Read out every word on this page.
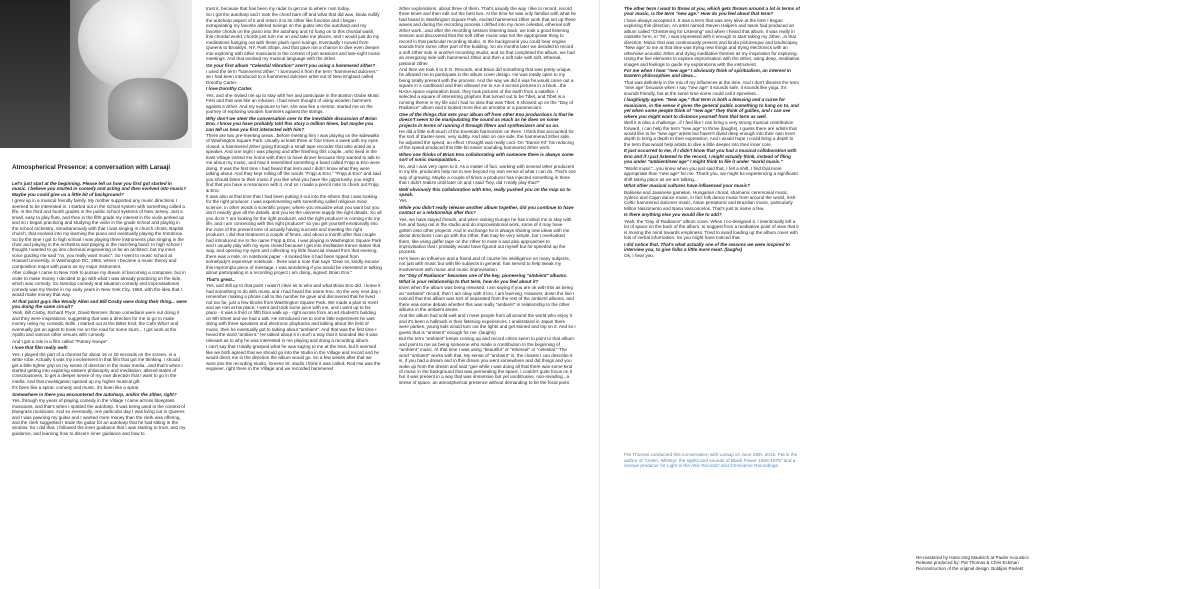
Atmospherical Presence: a conversation with Laraaji

Let's just start at the beginning. Please tell us how you first got started in music. I believe you started in comedy and acting and then evolved into music? Maybe you could give us a little bit of background?

I grew up in a musical friendly family. My mother supported any music directions I seemed to be interested in. I started out in the school system with something called a fife, in the third and fourth grades in the public school systems of New Jersey. Just a small, easy to play flute, and then in the fifth grade my interest in the violin perked up and so I began practicing and studying the violin in the grade school and playing in the school orchestra. Simultaneously with that I was singing in church choirs, Baptist church, that evolved into my learning the piano and eventually playing the trombone. So by the time I got to high school I was playing three instruments plus singing in the choir and playing in the orchestra and playing in the marching band. In high school I thought I wanted to go into chemical engineering or be an architect, but my inner voice guiding me said "no, you really want music". So I went to music school at Howard University, in Washington DC, 1962, where I became a music theory and composition major with piano as my major instrument.

After college I came to New York to pursue my dream of becoming a composer, but in order to make money I decided to go with what I was already practicing on the side, which was comedy. So standup comedy and situation comedy and improvisational comedy was my theme in my early years in New York City, 1966, with the idea that I would make money that way.

At that point guys like Woody Allen and Bill Cosby were doing their thing... were you doing the same circuit?

Yeah, Bill Cosby, Richard Pryor, David Brenner, those comedians were out doing it and they were inspirations, suggesting that was a direction for me to go to make money using my comedic skills. I started out at the Bitter End, the Cafe Wha? and eventually got an agent to book me on the road for some tours... I got work at the Apollo and various other venues with comedy.

And I got a role in a film called "Putney Swope".

I love that film really well!

Yes, I played the part of a chemist for about 15 or 20 seconds on the screen, in a white robe. Actually it was my involvement in that film that got me thinking, I should get a little tighter grip on my sense of direction in the mass media...and that's when I started getting into exploring eastern philosophy and meditation, altered states of consciousness, to get a deeper sense of my own direction that I want to go in the media. And that investigation opened up my higher musical gift.

It's been like a spiral, comedy and music, it's been like a spiral.

Somewhere in there you encountered the autoharp, and/or the zither, right?

Yes, through my years of playing comedy in the Village I came across bluegrass musicians, and that's when I spotted the autoharp. It was being used in the context of bluegrass musicians. And so eventually, one particular day I was living out in Queens and I was pawning my guitar and I wanted more money than the clerk was offering, and the clerk suggested I trade the guitar for an autoharp that he had sitting in the window. So I did that. I followed the inner guidance that I was starting to trust, and my guidance, and learning how to discern inner guidance and how to

trust it, because that has been my radar to get me to where I am today.

So I got the autoharp and I took the chord bars off and what that did was, kinda nullify the autoharp aspect of it and return it to its zither like function and I began extrapolating my favorite altered tunings on the guitar into the autoharp and my favorite chords on the piano into the autoharp and I'd hang on to this chordal wash, this chordal world, chords just turn me on and take me places, and I would just do my meditations hanging out with these plush open tunings. Eventually I moved from Queens to Brooklyn, NY, Park Slope, and that gave me a chance to dive even deeper into exploring with other musicians in the context of jam sessions and late-night music meetings. And that evolved my musical language with the zither.

On your first album "Celestial Vibration" aren't you using a hammered zither?

I used the term "hammered zither." I borrowed it from the term "hammered dulcimer," as I had been introduced to a hammered dulcimer artist out of New England called Dorothy Carter.

I love Dorothy Carter.

Yes, and she invited me up to stay with her and participate in the Boston Globe Music Fest and that was like an infusion. I had never thought of using wooden hammers against a zither. And my exposure to her, she was like a mentor, started me on the journey of exploring wooden hammers against the strings.

Why don't we steer the conversation over to the inevitable discussion of Brian Eno. I know you have probably told this story a million times, but maybe you can tell us how you first interacted with him?

There are two pre-meeting areas...before meeting him I was playing on the sidewalks of Washington Square Park. Usually at least three or four times a week with my eyes closed, a hammered zither going through a small tape recorder that also acted as a speaker. And one night I was playing and after finishing this couple...who lived in the East Village invited me home with them to have dinner because they wanted to talk to me about my music, and how it resembled something a band called Fripp & Eno were doing. It was the first time I had heard that term and I didn't know what they were talking about. And they kept rolling off the words "Fripp & Eno," "Fripp & Eno" and said you should listen to their music if you like what you have the opportunity, you might find that you have a resonance with it. And so I made a pencil note to check out Fripp & Eno.

It was also at that time that I had been putting it out into the ethers that I was looking for the right producer. I was experimenting with something called religious mind science, in other words a scientific prayer, where you visualize what you want but you don't exactly give all the details, and you let the universe supply the right details. So all you do is "I am looking for the right producer, and the right producer is coming into my life, and I am connecting with this right producer" so you get yourself emotionally into the zone of the present time of actually having success and meeting the right producer. I did that treatment a couple of times, and about a month after that couple had introduced me to the name Fripp & Eno, I was playing in Washington Square Park and I usually play with my eyes closed because I get into meditative trance states that way, and opening my eyes and collecting my little financial reward from that evening, there was a note, on notebook paper - it looked like it had been ripped from somebody's expensive notebook - there was a note that says "Dear sir, kindly excuse this impromptu piece of message, I was wondering if you would be interested in talking about participating in a recording project I am doing, signed: Brian Eno."

That's great...

Yes, and still up to that point I wasn't clear as to who and what Brian Eno did. I knew it had something to do with music and I had heard the name Eno. So the very next day I remember making a phone call to the number he gave and discovered that he lived not too far, just a few blocks from Washington Square Park. We made a plan to meet and we met at his place. I went and took some juice with me, and I went up to his place - it was a third or fifth floor walk up - right across from an art student's building on 8th street and we had a talk. He introduced me to some little experiment he was doing with three speakers and electronic playbacks and talking about the field of music, then he eventually got to talking about "ambient". And that was the first time I heard the word "ambient." He talked about it in such a way that it sounded like it was relevant as to why he was interested in me playing and doing a recording album.

I can't say that I totally grasped what he was saying to me at the time, but it seemed like we both agreed that we should go into the studio in the Village and record and he would direct me in the direction the album would go. So a few weeks after that we went into the recording studio, Greene St. studio I think it was called. Rod Hui was the engineer, right there in the Village and we recorded hammered

zither explorations, about three of them. That's usually the way I like to record, record three times and then edit out the best two. At the time he was only familiar with what he had heard in Washington Square Park, excited hammered zither work that set up these waves and during the recording process I drifted into my more celestial, ethereal soft zither work...and after the recording session listening back, we took a good listening session and discovered that the soft zither music was not the appropriate thing to record in that particular recording studio. In the background you could hear engine sounds from some other part of the building. So six months later we decided to record a soft zither side in another recording studio, and so that completed the album, we had an energizing side with hammered zither and then a soft side with soft, ethereal, pastoral zither.

And then we took it to E.G. Records, and Brian did something that was pretty unique, he allowed me to participate in the album cover design. He was totally open to my being totally present with the process. And the way we did it was he would carve out a square in a cardboard and then allowed me to run it across pictures in a book...the NASA space exploration book, they took pictures of the earth from a satellite. I selected a square of interesting graphics that turned out to be Tibet, and Tibet is a running theme in my life and I had no idea that was Tibet. It showed up on the "Day of Radiance" album and it looked more like an amoeba or a paramecium.

One of the things that sets your album off from other Eno productions is that he doesn't seem to be manipulating the sound as much as he does on some projects in terms of running it through filters and synthesizers and so on.

He did a little soft touch of the Eventide harmonizer on there. I think that accounted for the sort of Easter-ness, very subtly. And also on one side, the hammered zither side, he adjusted the speed, an effect I thought was really cool. On "Dance #3" his reducing of the speed produced this little bit easier sounding hammered zither work.

When one thinks of Brian Eno collaborating with someone there is always some sort of sonic manipulation...

No, and I was very open to it. As a matter of fact, working with several other producers in my life, producers help me to see beyond my own sense of what I can do. That's one way of growing. Maybe a couple of times a producer has injected something in there that I didn't realize until later on and I said "hey, did I really play that?"

Well obviously this collaboration with Eno, really pushed you on the map so to speak.

Yes

While you didn't really release another album together, did you continue to have contact or a relationship after this?

Yes, we have stayed friends, and when visiting Europe he has invited me to stay with him and hang out in the studio and do improvisational work, some of it may have gotten onto other projects. And in exchange he is always sharing new ideas with me about directions I can go with the zither, that may be very simple, but I overlooked them, like using gaffer tape on the zither to mute it and also approaches to improvisation that I probably would have figured out myself but he speeded up the process.

He's been an influence and a friend and of course his intelligence on many subjects, not just with music but with life subjects in general, has served to help tweak my involvement with music and music improvisation.

So "Day of Radiance" becomes one of the key, pioneering "ambient" albums. What is your relationship to that term, how do you feel about it?

Even when the album was being released, I am saying if you are ok with this as being an "ambient" record, then I am okay with it too, I am learning. However, down the line I noticed that this album was sort of separated from the rest of the ambient albums, and there was some debate whether this was really "ambient" in relationship to the other albums in the ambient series.

And the album had sold well and I meet people from all around the world who enjoy it and it's been a hallmark in their listening experiences. I understand in Japan there were parties, young kids would turn out the lights and get stoned and trip on it. And so I guess that is "ambient" enough for me. (laughs)

But the term "ambient" keeps coming up and record critics seem to point to that album and point to me as being someone who made a contribution to the beginning of "ambient" music. At that time I was using "beautiful" or "ethereal" or "celestial." The word "ambient" works with that. My sense of "ambient" is, the closest I can describe it is, if you had a dream and in this dream you went somewhere and did things and you woke up from the dream and said "gee while I was doing all that there was some kind of music in the background that was permeating the space, I couldn't quite focus on it but it was present in a way that was immersive but yet unobtrusive, non-invading...a sense of space, an atmospherical presence without demanding to be the focal point.

The other term I want to throw at you, which gets thrown around a lot in terms of your music, is the term "new age." How do you feel about that term?

I have always accepted it. It was a term that was very alive at the time I began exploring this direction. An artist named Steven Halpern and Iasos had produced an album called "Christening for Listening" and when I heard that album, it was really in cassette form, in '78', I was impressed with it enough to start taking my zither...in that direction. Music that was continuously present and kinda picturesque and landscapey. "New age" to me at that time was trying new things and trying electronics with an otherwise acoustic zither and trying meditative themes as my inspiration for exploring. Using the five elements to explore improvisation with the zither, using deep, meditative images and feelings to guide my explorations with the instrument.

For me when I hear "new age" I obviously think of spiritualism, an interest in Eastern philosophies and ideas...

That was definitely in the mix of my influences at the time. And I don't dismiss the term "new age" because when I say "new age" it sounds safe, it sounds like yoga, it's sounds friendly, but at the same time some could call it spineless...

I laughingly agree. "New age," that term is both a blessing and a curse for musicians, in the sense it gives the general public something to hang on to, and yet when some people think of "new age" they think of gullies, and I can see where you might want to distance yourself from that term as well.

Well it is also a challenge...if I feel like I can bring a very strong musical contribution forward, I can help the term "new age" to thrive (laughs). I guess there are artists that would like to be "new age" artists but haven't dived deep enough into their own inner depth to bring a depth to their expression. And I would hope I could bring a depth to the term that would help artists to dive a little deeper into their inner core.

It just occurred to me, if I didn't know that you had a musical collaboration with Eno and if I just listened to the record, I might actually think, instead of filing you under "ambient/new age" I might think to file it under "world music."

"World music"...you know when you just said that, I felt a shift, I find that more appropriate than "new age" for me. Thank you, we might be experiencing a significant shift taking place as we are talking...

What other musical cultures have influenced your music?

Balinese and Javanese gamelan, Hungarian choral, shamanic ceremonial music, zydeco and Cajun dance music, in fact folk dance music from around the world, Irish-Celtic hammered dulcimer music, Asian pentatonic and Brazilian music, particularly Milton Nascimento and Nana Vasconcelos. That's just to name a few.

Is there anything else you would like to add?

Yeah, the "Day of Radiance" album cover. When I co-designed it, I intentionally left a lot of space on the back of the album, to suggest from a meditative point of view that it is moving the mind towards emptiness. Tried to avoid loading up the album cover with lots of verbal information. So you might have noticed that.

I did notice that. That's what actually one of the reasons we were inspired to interview you, to give folks a little more meat. (laughs)

Ok, I hear you.

Pat Thomas conducted this conversation with Laraaji on June 29th, 2015. Pat is the author of "Listen, Whitey!: the sights and sounds of Black Power 1965-1975" and a reissue producer for Light in the Attic Records' and Omniverse Recordings.
Re-mastered by Hans-Jörg Mauksch at Pauler Acoustics
Release produced by: Pat Thomas & Chris Eckman
Reconstruction of the original design: Boldijan Pavlekt
